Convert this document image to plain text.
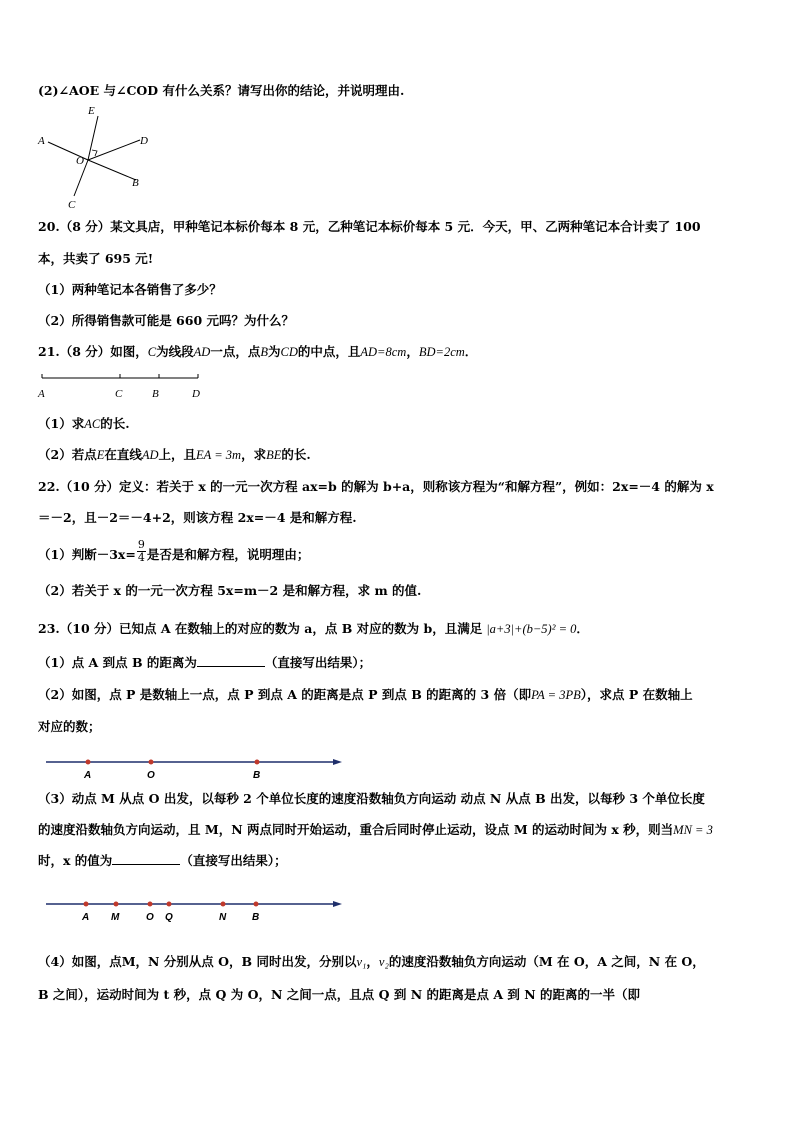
(2)∠AOE 与∠COD 有什么关系？请写出你的结论，并说明理由.
E
A	D
O
C
B
20.（8 分）某文具店，甲种笔记本标价每本 8 元，乙种笔记本标价每本 5 元．今天，甲、乙两种笔记本合计卖了 100
本，共卖了 695 元!
（1）两种笔记本各销售了多少？
（2）所得销售款可能是 660 元吗？为什么？
21.（8 分）如图，C为线段AD一点，点B为CD的中点，且AD=8cm，BD=2cm．
A	C	B	D
（1）求AC的长.
（2）若点E在直线AD上，且EA = 3m，求BE的长.
22.（10 分）定义：若关于 x 的一元一次方程 ax=b 的解为 b+a，则称该方程为“和解方程”，例如：2x=－4 的解为 x
＝－2，且－2＝－4+2，则该方程 2x=－4 是和解方程.
（1）判断$-3x= \frac{9}{4}$ 是否是和解方程，说明理由；
（2）若关于 x 的一元一次方程 5x=m－2 是和解方程，求 m 的值.
23.（10 分）已知点 A 在数轴上的对应的数为 a，点 B 对应的数为 b，且满足 |a+3|+(b−5)² = 0．
（1）点 A 到点 B 的距离为	（直接写出结果）；
（2）如图，点 P 是数轴上一点，点 P 到点 A 的距离是点 P 到点 B 的距离的 3 倍（即PA = 3PB），求点 P 在数轴上
对应的数；
A	O	B
（3）动点 M 从点 O 出发，以每秒 2 个单位长度的速度沿数轴负方向运动 动点 N 从点 B 出发，以每秒 3 个单位长度
的速度沿数轴负方向运动，且 M，N 两点同时开始运动，重合后同时停止运动，设点 M 的运动时间为 x 秒，则当MN = 3
时，x 的值为	（直接写出结果）；
A M	O Q	N	B
（4）如图，点M，N 分别从点 O，B 同时出发，分别以v₁，v₂的速度沿数轴负方向运动（M 在 O，A 之间，N 在 O，
B 之间），运动时间为 t 秒，点 Q 为 O，N 之间一点，且点 Q 到 N 的距离是点 A 到 N 的距离的一半（即
